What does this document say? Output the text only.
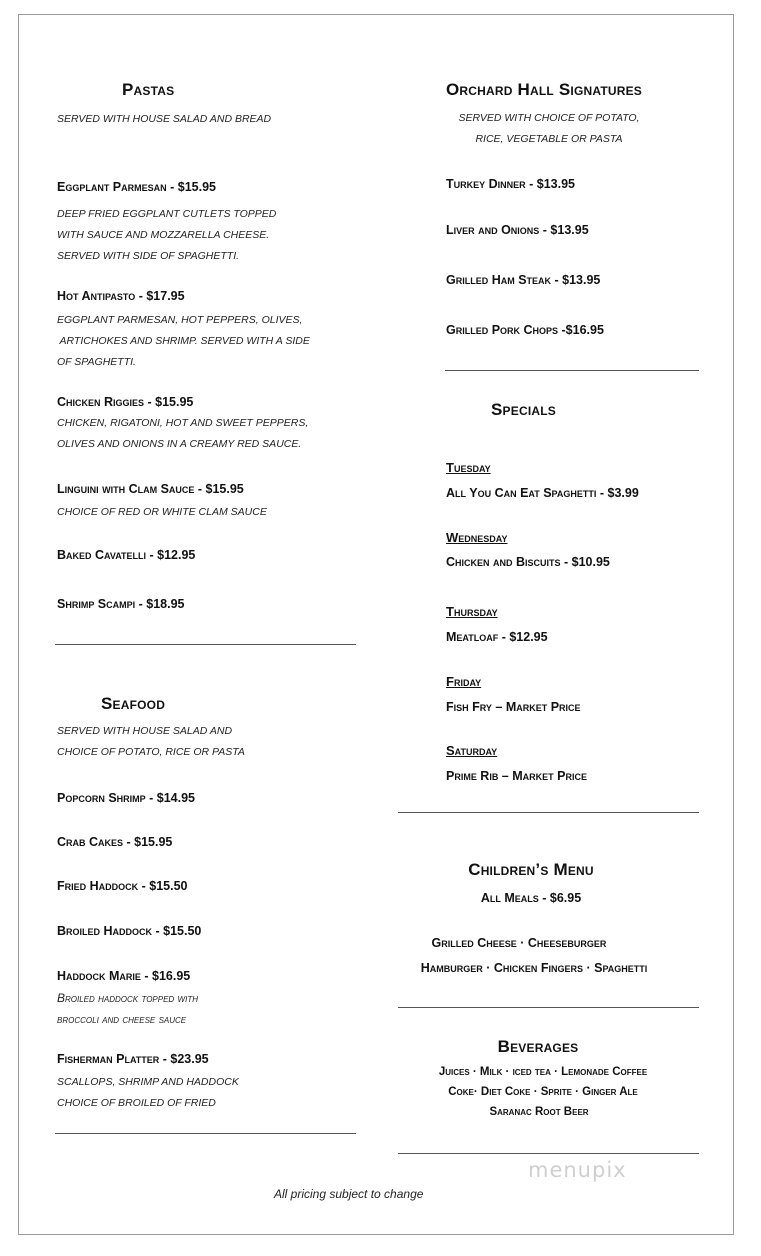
Pastas
SERVED WITH HOUSE SALAD AND BREAD
Eggplant Parmesan - $15.95
DEEP FRIED EGGPLANT CUTLETS TOPPED
WITH SAUCE AND MOZZARELLA CHEESE.
SERVED WITH SIDE OF SPAGHETTI.
Hot Antipasto - $17.95
EGGPLANT PARMESAN, HOT PEPPERS, OLIVES,
ARTICHOKES AND SHRIMP. SERVED WITH A SIDE
OF SPAGHETTI.
Chicken Riggies - $15.95
CHICKEN, RIGATONI, HOT AND SWEET PEPPERS,
OLIVES AND ONIONS IN A CREAMY RED SAUCE.
Linguini with Clam Sauce - $15.95
CHOICE OF RED OR WHITE CLAM SAUCE
Baked Cavatelli - $12.95
Shrimp Scampi - $18.95
Seafood
SERVED WITH HOUSE SALAD AND
CHOICE OF POTATO, RICE OR PASTA
Popcorn Shrimp - $14.95
Crab Cakes - $15.95
Fried Haddock - $15.50
Broiled Haddock - $15.50
Haddock Marie - $16.95
Broiled haddock topped with
broccoli and cheese sauce
Fisherman Platter - $23.95
SCALLOPS, SHRIMP AND HADDOCK
CHOICE OF BROILED OF FRIED
Orchard Hall Signatures
SERVED WITH CHOICE OF POTATO,
RICE, VEGETABLE OR PASTA
Turkey Dinner - $13.95
Liver and Onions - $13.95
Grilled Ham Steak - $13.95
Grilled Pork Chops -$16.95
Specials
Tuesday
All You Can Eat Spaghetti - $3.99
Wednesday
Chicken and Biscuits - $10.95
Thursday
Meatloaf - $12.95
Friday
Fish Fry – Market Price
Saturday
Prime Rib – Market Price
Children’s Menu
All Meals - $6.95
Grilled Cheese · Cheeseburger
Hamburger · Chicken Fingers · Spaghetti
Beverages
Juices · Milk · iced tea · Lemonade Coffee
Coke· Diet Coke · Sprite · Ginger Ale
Saranac Root Beer
menupix
All pricing subject to change
